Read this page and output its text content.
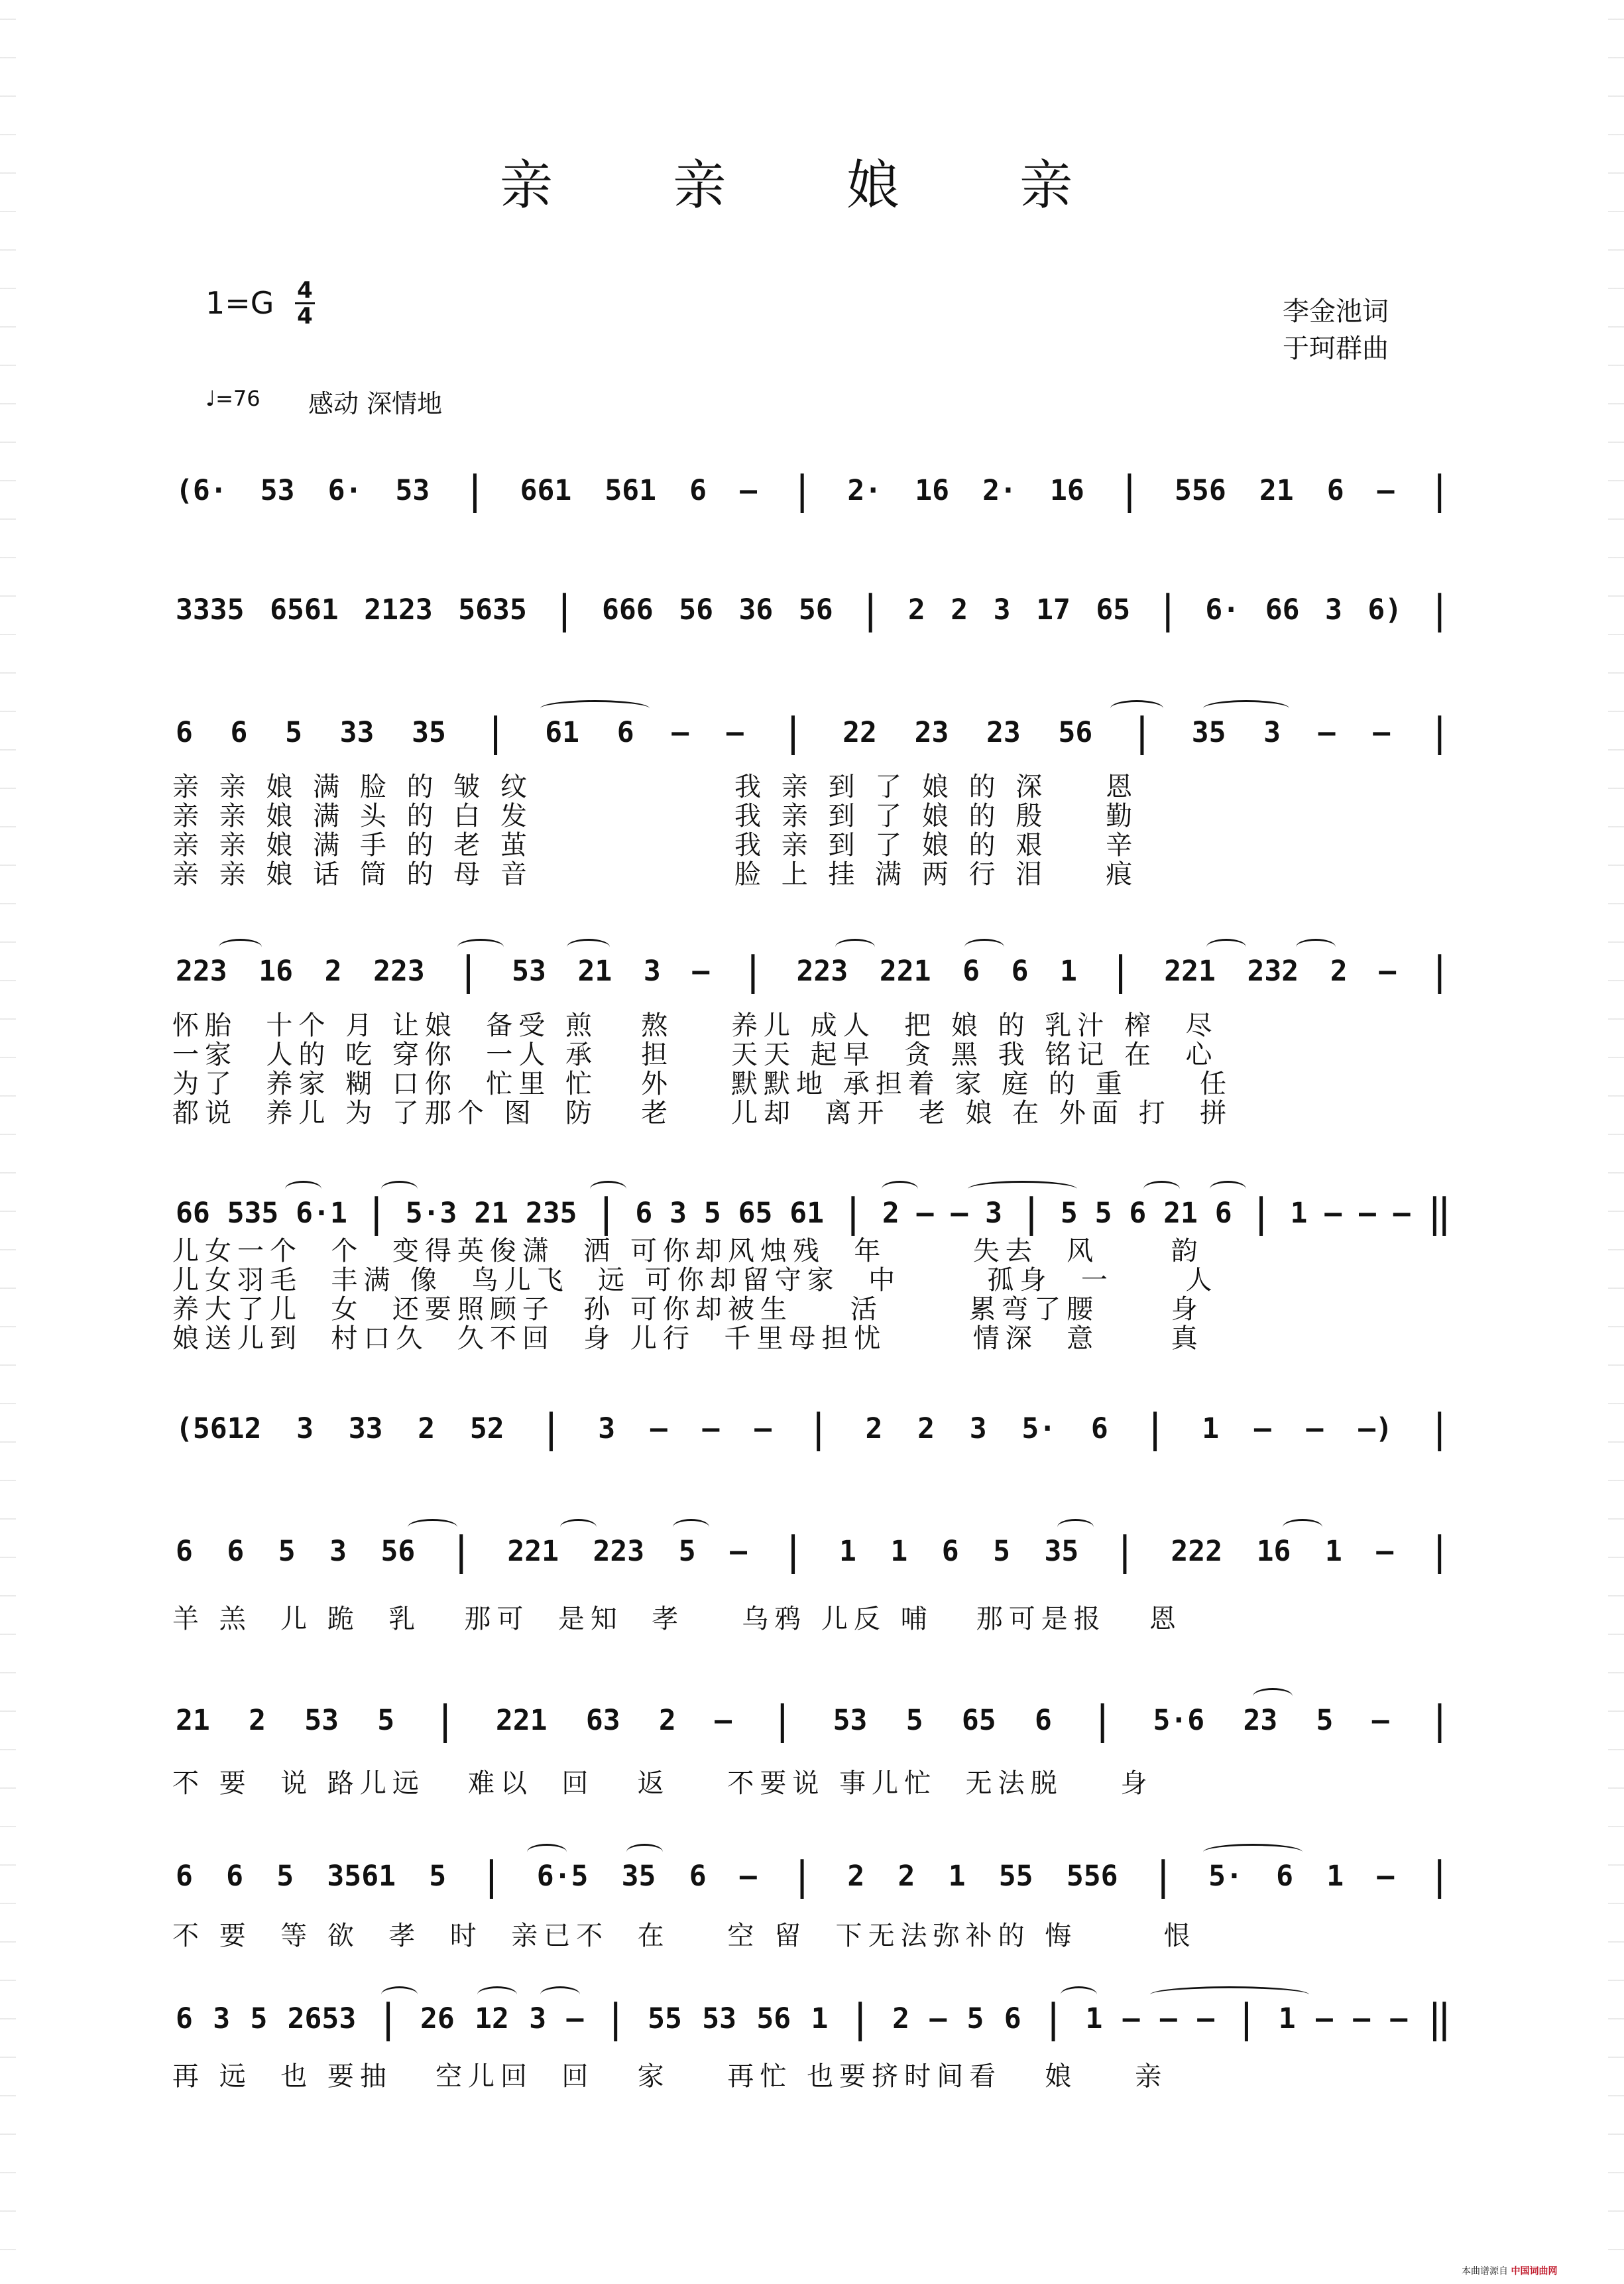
亲 亲 娘 亲
1=G 4
4	李金池词
于珂群曲
♩=76 感动 深情地
(6· 53 6· 53 | 661 561 6 – | 2· 16 2· 16 | 556 21 6 – |
3335 6561 2123 5635 | 666 56 36 56 | 2 2 3 17 65 | 6· 66 3 6) |
6 6 5 33 35 | 61 6 – – | 22 23 23 56 | 35 3 – – |
223 16 2 223 | 53 21 3 – | 223 221 6 6 1 | 221 232 2 – |
66 535 6·1 | 5·3 21 235 | 6 3 5 65 61 | 2 – – 3 | 5 5 6 21 6 | 1 – – – ‖
(5612 3 33 2 52 | 3 – – – | 2 2 3 5· 6 | 1 – – –) |
6 6 5 3 56 | 221 223 5 – | 1 1 6 5 35 | 222 16 1 – |
21 2 53 5 | 221 63 2 – | 53 5 65 6 | 5·6 23 5 – |
6 6 5 3561 5 | 6·5 35 6 – | 2 2 1 55 556 | 5· 6 1 – |
6 3 5 2653 | 26 12 3 – | 55 53 56 1 | 2 – 5 6 | 1 – – – | 1 – – – ‖
亲 亲 娘 满 脸 的 皱 纹              我 亲 到 了 娘 的 深    恩
亲 亲 娘 满 头 的 白 发              我 亲 到 了 娘 的 殷    勤
亲 亲 娘 满 手 的 老 茧              我 亲 到 了 娘 的 艰    辛
亲 亲 娘 话 筒 的 母 音              脸 上 挂 满 两 行 泪    痕
怀胎  十个 月 让娘  备受 煎   熬    养儿 成人  把 娘 的 乳汁 榨  尽
一家  人的 吃 穿你  一人 承   担    天天 起早  贪 黑 我 铭记 在  心
为了  养家 糊 口你  忙里 忙   外    默默地 承担着 家 庭 的 重     任
都说  养儿 为 了那个 图  防   老    儿却  离开  老 娘 在 外面 打  拼
儿女一个  个  变得英俊潇  洒 可你却风烛残  年      失去  风     韵
儿女羽毛  丰满 像  鸟儿飞  远 可你却留守家  中      孤身  一     人
养大了儿  女  还要照顾子  孙 可你却被生    活      累弯了腰     身
娘送儿到  村口久  久不回  身 儿行  千里母担忧      情深  意     真
羊 羔  儿 跪  乳   那可  是知  孝    乌鸦 儿反 哺   那可是报   恩
不 要  说 路儿远   难以  回   返    不要说 事儿忙  无法脱    身
不 要  等 欲  孝  时  亲已不  在    空 留  下无法弥补的 悔      恨
再 远  也 要抽   空儿回  回   家    再忙 也要挤时间看   娘    亲
本曲谱源自 中国词曲网
